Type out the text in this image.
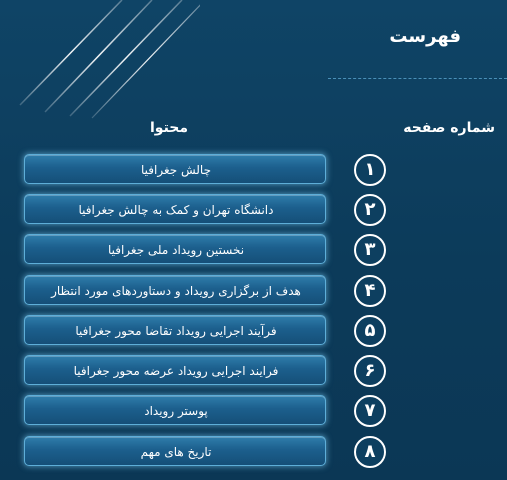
فهرست
شماره صفحه
محتوا
چالش جغرافیا	۱
دانشگاه تهران و کمک به چالش جغرافیا	۲
نخستین رویداد ملی جغرافیا	۳
هدف از برگزاری رویداد و دستاوردهای مورد انتظار	۴
فرآیند اجرایی رویداد تقاضا محور جغرافیا	۵
فرایند اجرایی رویداد عرضه محور جغرافیا	۶
پوستر رویداد	۷
تاریخ های مهم	۸
